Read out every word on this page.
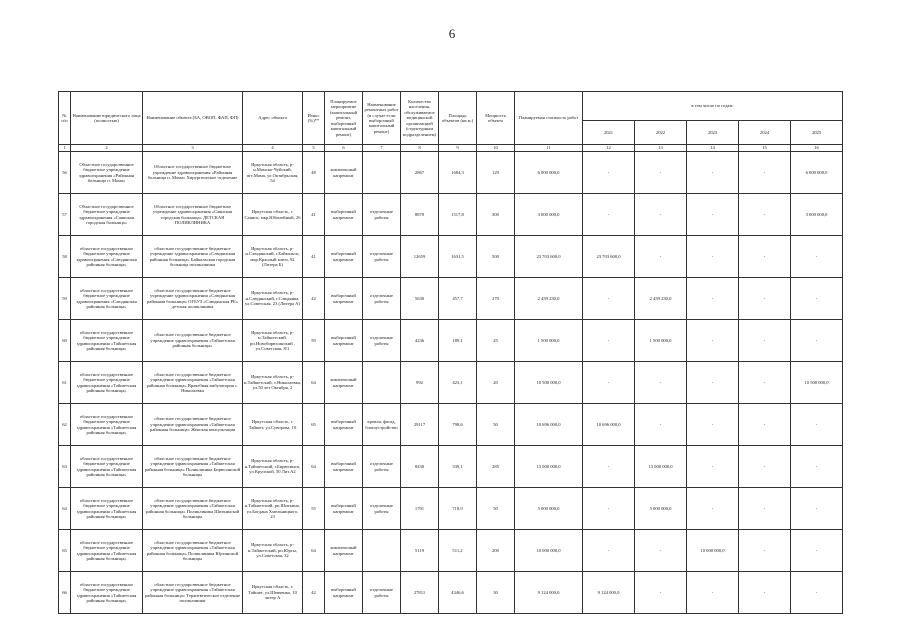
6
№ п/п	Наименование юридического лица (полностью)	Наименование объекта (БА, ОВОП, ФАП, ФП)	Адрес объекта	Износ (%)**	Планируемое мероприятие (капитальный ремонт, выборочный капитальный ремонт)	Наименование ремонтных работ (в случае если выборочный капитальный ремонт)	Количество населения, обслуживаемое медицинской организацией (структурным подразделением)	Площадь объектов (кв.м.)	Мощность объекта	Планируемая стоимость работ	в том числе по годам:				
											2021	2022	2023	2024	2025
1	2	3	4	5	6	7	8	9	10	11	12	13	14	15	16
56	Областное государственное бюджетное учреждение здравоохранения «Районная больница п. Мама»	Областное государственное бюджетное учреждение здравоохранения «Районная больница п. Мама» Хирургическое отделение	Иркутская область, р-н.Мамско-Чуйский, пгт.Мама, ул.Октябрьская, 54	48	комплексный капремонт		2867	1684,3	129	6 000 000,0	-	-	-	-	6 000 000,0
57	Областное государственное бюджетное учреждение здравоохранения «Саянская городская больница»	Областное государственное бюджетное учреждение здравоохранения «Саянская городская больница» ДЕТСКАЯ ПОЛИКЛИНИКА	Иркутская область, г. Саянск, мкр.Юбилейный, 26	41	выборочный капремонт	отделочные работы	8870	1517,8	300	3 000 000,0	-	-	-	-	3 000 000,0
58	областное государственное бюджетное учреждение здравоохранения «Слюдянская районная больница»	областное государственное бюджетное учреждение здравоохранения «Слюдянская районная больница» Байкальская городская больница поликлиника	Иркутская область, р-н.Слюдянский, г.Байкальск, мкр.Красный ключ, 92 (Литера Б)	41	выборочный капремонт	отделочные работы	12659	1631,5	500	23 703 600,0	23 703 600,0	-	-	-	-
59	областное государственное бюджетное учреждение здравоохранения «Слюдянская районная больница»	областное государственное бюджетное учреждение здравоохранения «Слюдянская районная больница» ОГБУЗ «Слюдянская РБ» детская поликлиника	Иркутская область, р-н.Слюдянский, г.Слюдянка, ул.Советская, 23 (Литера А)	42	выборочный капремонт	отделочные работы	5630	457,7	270	2 459 230,0	-	2 459 230,0	-	-	-
60	областное государственное бюджетное учреждение здравоохранения «Тайшетская районная больница»	областное государственное бюджетное учреждение здравоохранения «Тайшетская районная больница»	Иркутская область, р-н.Тайшетский, рп.Новобирюсинский , ул.Советская, 8/1	59	выборочный капремонт	отделочные работы	4236	189,1	25	1 500 000,0	-	1 500 000,0	-	-	-
61	областное государственное бюджетное учреждение здравоохранения «Тайшетская районная больница»	областное государственное бюджетное учреждение здравоохранения «Тайшетская районная больница» Врачебная амбулатория с. Николаевка	Иркутская область, р-н.Тайшетский, с.Николаевка, ул.50 лет Октября, 2	64	комплексный капремонт		992	423,1	20	10 500 000,0	-	-	-	-	10 500 000,0
62	областное государственное бюджетное учреждение здравоохранения «Тайшетская районная больница»	областное государственное бюджетное учреждение здравоохранения «Тайшетская районная больница» Женская консультация	Иркутская область, г. Тайшет, ул.Суворова, 10	65	выборочный капремонт	кровля, фасад, благоустройство	29117	798,6	50	10 696 000,0	10 696 000,0	-	-	-	-
63	областное государственное бюджетное учреждение здравоохранения «Тайшетская районная больница»	областное государственное бюджетное учреждение здравоохранения «Тайшетская районная больница» Поликлиника Бирюсинской больницы	Иркутская область, р-н.Тайшетский, г.Бирюсинск, ул.Крупской, 50 Лит.А2	64	выборочный капремонт	отделочные работы	8430	539,1	285	13 000 000,0	-	13 000 000,0	-	-	-
64	областное государственное бюджетное учреждение здравоохранения «Тайшетская районная больница»	областное государственное бюджетное учреждение здравоохранения «Тайшетская районная больница» Поликлиника Шиткинской больницы	Иркутская область, р-н.Тайшетский, рп.Шиткино, ул.Богдана Хмельницкого, 23	55	выборочный капремонт	отделочные работы	1701	718,9	50	5 000 000,0	-	5 000 000,0	-	-	-
65	областное государственное бюджетное учреждение здравоохранения «Тайшетская районная больница»	областное государственное бюджетное учреждение здравоохранения «Тайшетская районная больница» Поликлиника Юртинской больницы	Иркутская область, р-н.Тайшетский, рп.Юрты, ул.Советская, 32	64	комплексный капремонт		5119	511,2	200	10 000 000,0	-	-	10 000 000,0	-	-
66	областное государственное бюджетное учреждение здравоохранения «Тайшетская районная больница»	областное государственное бюджетное учреждение здравоохранения «Тайшетская районная больница» Терапевтическое отделение поликлиники	Иркутская область, г. Тайшет, ул.Шевченко, 10 литер А	42	выборочный капремонт	отделочные работы	27811	4346,6	30	9 124 000,0	9 124 000,0	-	-	-	-
